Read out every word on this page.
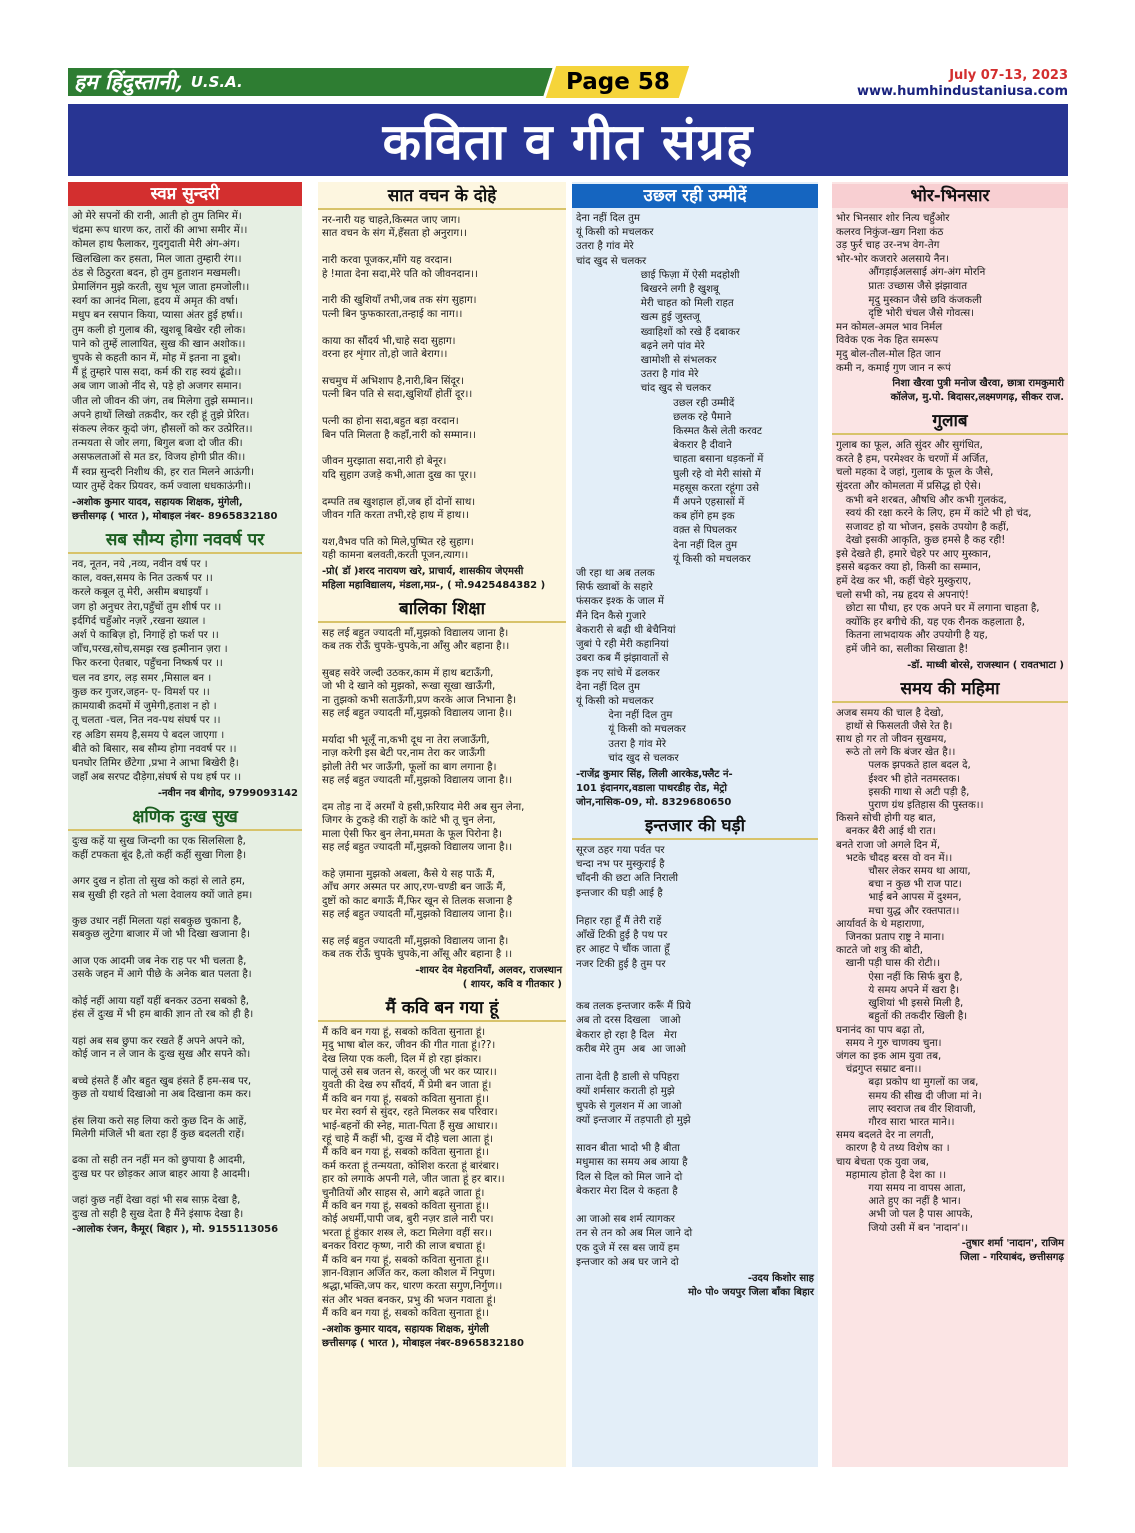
हम हिंदुस्तानी, U.S.A.	Page 58	July 07-13, 2023
www.humhindustaniusa.com
कविता व गीत संग्रह
स्वप्न सुन्दरी
ओ मेरे सपनों की रानी, आती हो तुम तिमिर में।
चंद्रमा रूप धारण कर, तारों की आभा समीर में।।
कोमल हाथ फैलाकर, गुदगुदाती मेरी अंग-अंग।
खिलखिला कर हसता, मिल जाता तुम्हारी रंग।।
ठंड से ठिठुरता बदन, हो तुम हुताशन मखमली।
प्रेमालिंगन मुझे करती, सुध भूल जाता हमजोली।।
स्वर्ग का आनंद मिला, हृदय में अमृत की वर्षा।
मधुप बन रसपान किया, प्यासा अंतर हुई हर्षा।।
तुम कली हो गुलाब की, खुशबू बिखेर रही लोक।
पाने को तुम्हें लालायित, सुख की खान अशोक।।
चुपके से कहती कान में, मोह में इतना ना डूबो।
मैं हूं तुम्हारे पास सदा, कर्म की राह स्वयं ढूंढो।।
अब जाग जाओ नींद से, पड़े हो अजगर समान।
जीत लो जीवन की जंग, तब मिलेगा तुझे सम्मान।।
अपने हाथों लिखो तक़दीर, कर रही हूं तुझे प्रेरित।
संकल्प लेकर कूदो जंग, हौसलों को कर उत्प्रेरित।।
तन्मयता से जोर लगा, बिगुल बजा दो जीत की।
असफलताओं से मत डर, विजय होगी प्रीत की।।
मैं स्वप्न सुन्दरी निशीथ की, हर रात मिलने आऊंगी।
प्यार तुम्हें देकर प्रियवर, कर्म ज्वाला धधकाऊंगी।।
-अशोक कुमार यादव, सहायक शिक्षक, मुंगेली,
छत्तीसगढ़ ( भारत ), मोबाइल नंबर- 8965832180
सब सौम्य होगा नववर्ष पर
नव, नूतन, नये ,नव्य, नवीन वर्ष पर ।
काल, वक्त,समय के नित उत्कर्ष पर ।।
करले कबूल तू मेरी, असीम बधाइयाँ ।
जग हो अनुचर तेरा,पहुँचों तुम शीर्ष पर ।।
इर्दगिर्द चहुँओर नज़रें ,रखना ख्याल ।
अर्श पे काबिज़ हो, निगाहें हो फर्श पर ।।
जाँच,परख,सोच,समझ रख इत्मीनान ज़रा ।
फिर करना ऐतबार, पहुँचना निष्कर्ष पर ।।
चल नव डगर, लड़ समर ,मिसाल बन ।
कुछ कर गुजर,जहन- ए- विमर्श पर ।।
क़ामयाबी क़दमों में जुमेगी,हताश न हो ।
तू चलता -चल, नित नव-पथ संघर्ष पर ।।
रह अडिग समय है,समय पे बदल जाएगा ।
बीते को बिसार, सब सौम्य होगा नववर्ष पर ।।
घनघोर तिमिर छँटेगा ,प्रभा ने आभा बिखेरी है।
जहाँ अब सरपट दौड़ेगा,संघर्ष से पथ हर्ष पर ।।
-नवीन नव बीगोद, 9799093142
क्षणिक दुःख सुख
दुःख कहें या सुख जिन्दगी का एक सिलसिला है,
कहीं टपकता बूंद है,तो कहीं कहीं सुखा गिला है।

अगर दुख न होता तो सुख को कहां से लाते हम,
सब सुखी ही रहते तो भला देवालय क्यों जाते हम।

कुछ उधार नहीं मिलता यहां सबकुछ चुकाना है,
सबकुछ लुटेगा बाजार में जो भी दिखा खजाना है।

आज एक आदमी जब नेक राह पर भी चलता है,
उसके जहन में आगे पीछे के अनेक बात पलता है।

कोई नहीं आया यहाँ यहीं बनकर उठना सबको है,
हंस लें दुःख में भी हम बाकी ज्ञान तो रब को ही है।

यहां अब सब छुपा कर रखते हैं अपने अपने को,
कोई जान न ले जान के दुःख सुख और सपने को।

बच्चे हंसते हैं और बहुत खुब हंसते हैं हम-सब पर,
कुछ तो यथार्थ दिखाओ ना अब दिखाना कम कर।

हंस लिया करो सह लिया करो कुछ दिन के आहें,
मिलेगी मंजिलें भी बता रहा हैं कुछ बदलती राहें।

ढका तो सही तन नहीं मन को छुपाया है आदमी,
दुःख घर पर छोड़कर आज बाहर आया है आदमी।

जहां कुछ नहीं देखा वहां भी सब साफ़ देखा है,
दुःख तो सही है सुख देता है मैंने इंसाफ देखा है।
-आलोक रंजन, कैमूर( बिहार ), मो. 9155113056
सात वचन के दोहे
नर-नारी यह चाहते,किस्मत जाए जाग।
सात वचन के संग में,हँसता हो अनुराग।।

नारी करवा पूजकर,माँगे यह वरदान।
हे !माता देना सदा,मेरे पति को जीवनदान।।

नारी की खुशियाँ तभी,जब तक संग सुहाग।
पत्नी बिन फुफकारता,तन्हाई का नाग।।

काया का सौंदर्य भी,चाहे सदा सुहाग।
वरना हर शृंगार तो,हो जाते बेराग।।

सचमुच में अभिशाप है,नारी,बिन सिंदूर।
पत्नी बिन पति से सदा,खुशियाँ होतीं दूर।।

पत्नी का होना सदा,बहुत बड़ा वरदान।
बिन पति मिलता है कहाँ,नारी को सम्मान।।

जीवन मुरझाता सदा,नारी हो बेनूर।
यदि सुहाग उजड़े कभी,आता दुख का पूर।।

दम्पति तब खुशहाल हों,जब हों दोनों साथ।
जीवन गति करता तभी,रहे हाथ में हाथ।।

यश,वैभव पति को मिले,पुष्पित रहे सुहाग।
यही कामना बलवती,करती पूजन,त्याग।।
-प्रो( डॉ )शरद नारायण खरे, प्राचार्य, शासकीय जेएमसी
महिला महाविद्यालय, मंडला,मप्र-, ( मो.9425484382 )
बालिका शिक्षा
सह लई बहुत ज्यादती माँ,मुझको विद्यालय जाना है।
कब तक रोऊँ चुपके-चुपके,ना आँसु और बहाना है।।

सुबह सवेरे जल्दी उठकर,काम में हाथ बटाऊँगी,
जो भी दे खाने को मुझको, रूखा सूखा खाऊँगी,
ना तुझको कभी सताऊँगी,प्रण करके आज निभाना है।
सह लई बहुत ज्यादती माँ,मुझको विद्यालय जाना है।।

मर्यादा भी भूलूँ ना,कभी दूध ना तेरा लजाऊँगी,
नाज़ करेगी इस बेटी पर,नाम तेरा कर जाऊँगी
झोली तेरी भर जाऊँगी, फूलों का बाग लगाना है।
सह लई बहुत ज्यादती माँ,मुझको विद्यालय जाना है।।

दम तोड़ ना दें अरमाँ ये हसी,फ़रियाद मेरी अब सुन लेना,
जिगर के टुकड़े की राहों के कांटे भी तू चुन लेना,
माला ऐसी फिर बुन लेना,ममता के फूल पिरोना है।
सह लई बहुत ज्यादती माँ,मुझको विद्यालय जाना है।।

कहे ज़माना मुझको अबला, कैसे ये सह पाऊँ मैं,
आँच अगर अस्मत पर आए,रण-चण्डी बन जाऊँ मैं,
दुष्टों को काट बगाऊँ मैं,फिर खून से तिलक सजाना है
सह लई बहुत ज्यादती माँ,मुझको विद्यालय जाना है।।

सह लई बहुत ज्यादती माँ,मुझको विद्यालय जाना है।
कब तक रोऊँ चुपके चुपके,ना आँसू और बहाना है ।।
-शायर देव मेहरानियाँ, अलवर, राजस्थान
( शायर, कवि व गीतकार )
मैं कवि बन गया हूं
मैं कवि बन गया हूं, सबको कविता सुनाता हूं।
मृदु भाषा बोल कर, जीवन की गीत गाता हूं।??।
देख लिया एक कली, दिल में हो रहा झंकार।
पालूं उसे सब जतन से, करलूं जी भर कर प्यार।।
युवती की देख रुप सौंदर्य, मैं प्रेमी बन जाता हूं।
मैं कवि बन गया हूं, सबको कविता सुनाता हूं।।
घर मेरा स्वर्ग से सुंदर, रहते मिलकर सब परिवार।
भाई-बहनों की स्नेह, माता-पिता हैं सुख आधार।।
रहूं चाहे मैं कहीं भी, दुःख में दौड़े चला आता हूं।
मैं कवि बन गया हूं, सबको कविता सुनाता हूं।।
कर्म करता हूं तन्मयता, कोशिश करता हूं बारंबार।
हार को लगाके अपनी गले, जीत जाता हूं हर बार।।
चुनौतियों और साहस से, आगे बढ़ते जाता हूं।
मैं कवि बन गया हूं, सबको कविता सुनाता हूं।।
कोई अधर्मी,पापी जब, बुरी नज़र डाले नारी पर।
भरता हूं हुंकार शस्त्र ले, कटा मिलेगा वहीं सर।।
बनकर विराट कृष्ण, नारी की लाज बचाता हूं।
मैं कवि बन गया हूं, सबको कविता सुनाता हूं।।
ज्ञान-विज्ञान अर्जित कर, कला कौशल में निपुण।
श्रद्धा,भक्ति,जप कर, धारण करता सगुण,निर्गुण।।
संत और भक्त बनकर, प्रभु की भजन गवाता हूं।
मैं कवि बन गया हूं, सबको कविता सुनाता हूं।।
-अशोक कुमार यादव, सहायक शिक्षक, मुंगेली
छत्तीसगढ़ ( भारत ), मोबाइल नंबर-8965832180
उछल रही उम्मीदें
देना नहीं दिल तुम
यूं किसी को मचलकर
उतरा है गांव मेरे
चांद खुद से चलकर
छाई फिज़ा में ऐसी मदहोशी
बिखरने लगी है खुशबू
मेरी चाहत को मिली राहत
खत्म हुई जुस्तजू
ख्वाहिशों को रखे हैं दबाकर
बढ़ने लगे पांव मेरे
खामोशी से संभलकर
उतरा है गांव मेरे
चांद खुद से चलकर
उछल रही उम्मीदें
छलक रहे पैमाने
किस्मत कैसे लेती करवट
बेकरार है दीवाने
चाहता बसाना धड़कनों में
घुली रहे वो मेरी सांसो में
महसूस करता रहूंगा उसे
मैं अपने एहसासों में
कब होंगे हम इक
वक़्त से पिघलकर
देना नहीं दिल तुम
यूं किसी को मचलकर
जी रहा था अब तलक
सिर्फ ख्वाबों के सहारे
फंसकर इश्क के जाल में
मैंने दिन कैसे गुजारे
बेकरारी से बढ़ी थी बेचैनियां
जुबां पे रही मेरी कहानियां
उबरा कब मैं झंझावातों से
इक नए सांचे में ढलकर
देना नहीं दिल तुम
यूं किसी को मचलकर
देना नहीं दिल तुम
यूं किसी को मचलकर
उतरा है गांव मेरे
चांद खुद से चलकर
-राजेंद्र कुमार सिंह, लिली आरकेड,फ्लैट नं-
101 इंदानगर,वडाला पाथरडीह रोड, मेट्रो
जोन,नासिक-09, मो. 8329680650
इन्तजार की घड़ी
सूरज ठहर गया पर्वत पर
चन्दा नभ पर मुस्कुराई है
चाँदनी की छटा अति निराली
इन्तजार की घड़ी आई है

निहार रहा हूँ मैं तेरी राहें
आँखें टिकी हुई है पथ पर
हर आहट पे चौंक जाता हूँ
नजर टिकी हुई है तुम पर

कब तलक इन्तजार करूँ मैं प्रिये
अब तो दरस दिखला   जाओ
बेकरार हो रहा है दिल   मेरा
करीब मेरे तुम  अब  आ जाओ

ताना देती है डाली से पपिहरा
क्यों शर्मसार कराती हो मुझे
चुपके से गुलशन में आ जाओ
क्यों इन्तजार में तड़पाती हो मुझे

सावन बीता भादो भी है बीता
मधुमास का समय अब आया है
दिल से दिल को मिल जाने दो
बेकरार मेरा दिल ये कहता है

आ जाओ सब शर्म त्यागकर
तन से तन को अब मिल जाने दो
एक दुजे में रस बस जायें हम
इन्तजार को अब घर जाने दो
-उदय किशोर साह
मो० पो० जयपुर जिला बाँका बिहार
भोर-भिनसार
भोर भिनसार शोर नित्य चहुँओर
कलरव निकुंज-खग निशा कंठ
उड़ फुर्र चाह उर-नभ वेग-तेग
भोर-भोर कजरारे अलसाये नैन।
औंगड़ाईअलसाई अंग-अंग मोरनि
प्रातः उच्छास जैसे झंझावात
मृदु मुस्कान जैसे छवि कंजकली
दृष्टि भोरी चंचल जैसे गोवत्स।
मन कोमल-अमल भाव निर्मल
विवेक एक नेक हित समरूप
मृदु बोल-तौल-मोल हित जान
कमी न, कमाई गुण जान न रूपं
निशा खैरवा पुत्री मनोज खैरवा, छात्रा रामकुमारी
कॉलेज, मु.पो. बिदासर,लक्ष्मणगढ़, सीकर राज.
गुलाब
गुलाब का फूल, अति सुंदर और सुगंधित,
करते है हम, परमेश्वर के चरणों में अर्जित,
चलो महका दे जहां, गुलाब के फूल के जैसे,
सुंदरता और कोमलता में प्रसिद्ध हो ऐसे।
कभी बने शरबत, औषधि और कभी गुलकंद,
स्वयं की रक्षा करने के लिए, हम में कांटे भी हो चंद,
सजावट हो या भोजन, इसके उपयोग है कहीं,
देखो इसकी आकृति, कुछ हमसे है कह रही!
इसे देखते ही, हमारे चेहरे पर आए मुस्कान,
इससे बढ़कर क्या हो, किसी का सम्मान,
हमें देख कर भी, कहीं चेहरे मुस्कुराए,
चलो सभी को, नम्र हृदय से अपनाएं!
छोटा सा पौधा, हर एक अपने घर में लगाना चाहता है,
क्योंकि हर बगीचे की, यह एक रौनक कहलाता है,
कितना लाभदायक और उपयोगी है यह,
हमें जीने का, सलीका सिखाता है!
-डॉ. माध्वी बोरसे, राजस्थान ( रावतभाटा )
समय की महिमा
अजब समय की चाल है देखो,
हाथों से फिसलती जैसे रेत है।
साथ हो गर तो जीवन सुखमय,
रूठे तो लगे कि बंजर खेत है।।
पलक झपकते हाल बदल दे,
ईश्वर भी होते नतमस्तक।
इसकी गाथा से अटी पड़ी है,
पुराण ग्रंथ इतिहास की पुस्तक।।
किसने सोची होगी यह बात,
बनकर बैरी आई थी रात।
बनते राजा जो अगले दिन में,
भटके चौदह बरस वो वन में।।
चौसर लेकर समय था आया,
बचा न कुछ भी राज पाट।
भाई बने आपस में दुश्मन,
मचा युद्ध और रक्तपात।।
आर्यावर्त के थे महाराणा,
जिनका प्रताप राष्ट्र ने माना।
काटते जो शत्रु की बोटी,
खानी पड़ी घास की रोटी।।
ऐसा नहीं कि सिर्फ बुरा है,
ये समय अपने में खरा है।
खुशियां भी इससे मिली है,
बहुतों की तकदीर खिली है।
घनानंद का पाप बढ़ा तो,
समय ने गुरु चाणक्य चुना।
जंगल का इक आम युवा तब,
चंद्रगुप्त सम्राट बना।।
बढ़ा प्रकोप था मुगलों का जब,
समय की सीख दी जीजा मां ने।
लाए स्वराज तब वीर शिवाजी,
गौरव सारा भारत माने।।
समय बदलते देर ना लगती,
कारण है ये तथ्य विशेष का ।
चाय बेचता एक युवा जब,
महामात्य होता है देश का ।।
गया समय ना वापस आता,
आते हुए का नहीं है भान।
अभी जो पल है पास आपके,
जियो उसी में बन 'नादान'।।
-तुषार शर्मा 'नादान', राजिम
जिला - गरियाबंद, छत्तीसगढ़
